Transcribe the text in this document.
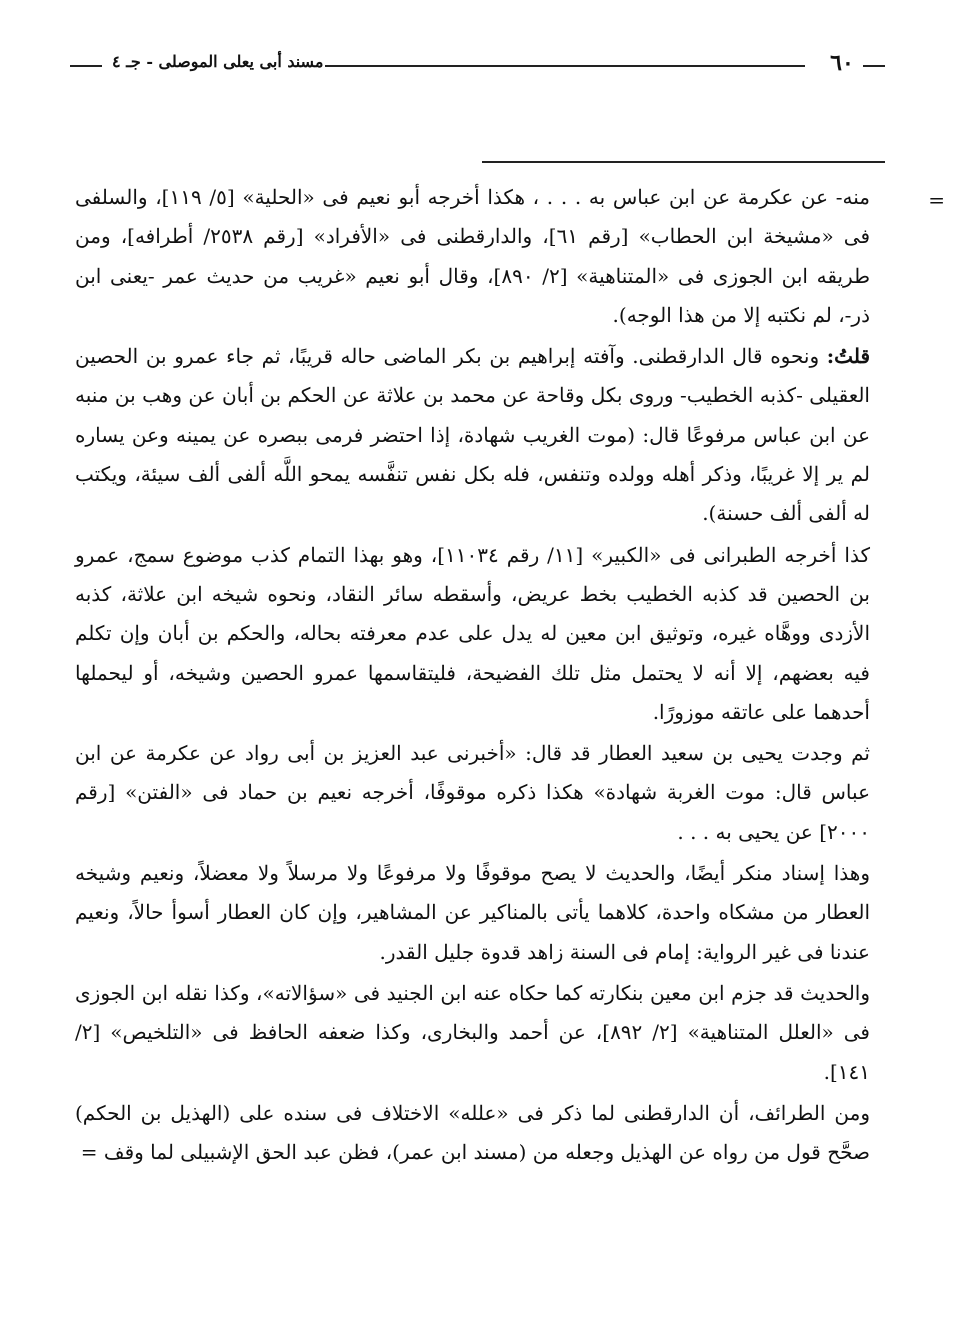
٦٠
مسند أبى يعلى الموصلى - جـ ٤
=

منه- عن عكرمة عن ابن عباس به . . . ، هكذا أخرجه أبو نعيم فى «الحلية» [٥/ ١١٩]، والسلفى فى «مشيخة ابن الحطاب» [رقم ٦١]، والدارقطنى فى «الأفراد» [رقم ٢٥٣٨/ أطرافه]، ومن طريقه ابن الجوزى فى «المتناهية» [٢/ ٨٩٠]، وقال أبو نعيم «غريب من حديث عمر -يعنى ابن ذر-، لم نكتبه إلا من هذا الوجه).

قلتُ: ونحوه قال الدارقطنى. وآفته إبراهيم بن بكر الماضى حاله قريبًا، ثم جاء عمرو بن الحصين العقيلى -كذبه الخطيب- وروى بكل وقاحة عن محمد بن علاثة عن الحكم بن أبان عن وهب بن منبه عن ابن عباس مرفوعًا قال: (موت الغريب شهادة، إذا احتضر فرمى ببصره عن يمينه وعن يساره لم ير إلا غريبًا، وذكر أهله وولده وتنفس، فله بكل نفس تنفَّسه يمحو اللَّه ألفى ألف سيئة، ويكتب له ألفى ألف حسنة).

كذا أخرجه الطبرانى فى «الكبير» [١١/ رقم ١١٠٣٤]، وهو بهذا التمام كذب موضوع سمج، عمرو بن الحصين قد كذبه الخطيب بخط عريض، وأسقطه سائر النقاد، ونحوه شيخه ابن علاثة، كذبه الأزدى ووهَّاه غيره، وتوثيق ابن معين له يدل على عدم معرفته بحاله، والحكم بن أبان وإن تكلم فيه بعضهم، إلا أنه لا يحتمل مثل تلك الفضيحة، فليتقاسمها عمرو الحصين وشيخه، أو ليحملها أحدهما على عاتقه موزورًا.

ثم وجدت يحيى بن سعيد العطار قد قال: «أخبرنى عبد العزيز بن أبى رواد عن عكرمة عن ابن عباس قال: موت الغربة شهادة» هكذا ذكره موقوفًا، أخرجه نعيم بن حماد فى «الفتن» [رقم ٢٠٠٠] عن يحيى به . . .

وهذا إسناد منكر أيضًا، والحديث لا يصح موقوفًا ولا مرفوعًا ولا مرسلاً ولا معضلاً، ونعيم وشيخه العطار من مشكاه واحدة، كلاهما يأتى بالمناكير عن المشاهير، وإن كان العطار أسوأ حالاً، ونعيم عندنا فى غير الرواية: إمام فى السنة زاهد قدوة جليل القدر.

والحديث قد جزم ابن معين بنكارته كما حكاه عنه ابن الجنيد فى «سؤالاته»، وكذا نقله ابن الجوزى فى «العلل المتناهية» [٢/ ٨٩٢]، عن أحمد والبخارى، وكذا ضعفه الحافظ فى «التلخيص» [٢/ ١٤١].

ومن الطرائف، أن الدارقطنى لما ذكر فى «علله» الاختلاف فى سنده على (الهذيل بن الحكم) صحَّح قول من رواه عن الهذيل وجعله من (مسند ابن عمر)، فظن عبد الحق الإشبيلى لما وقف =
